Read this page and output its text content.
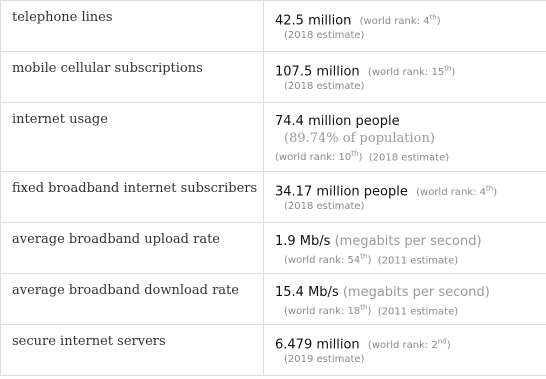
telephone lines	42.5 million (world rank: 4th)
(2018 estimate)

mobile cellular subscriptions	107.5 million (world rank: 15th)
(2018 estimate)

internet usage	74.4 million people
(89.74% of population)
(world rank: 10th) (2018 estimate)

fixed broadband internet subscribers	34.17 million people (world rank: 4th)
(2018 estimate)

average broadband upload rate	1.9 Mb/s (megabits per second)
(world rank: 54th) (2011 estimate)

average broadband download rate	15.4 Mb/s (megabits per second)
(world rank: 18th) (2011 estimate)

secure internet servers	6.479 million (world rank: 2nd)
(2019 estimate)
